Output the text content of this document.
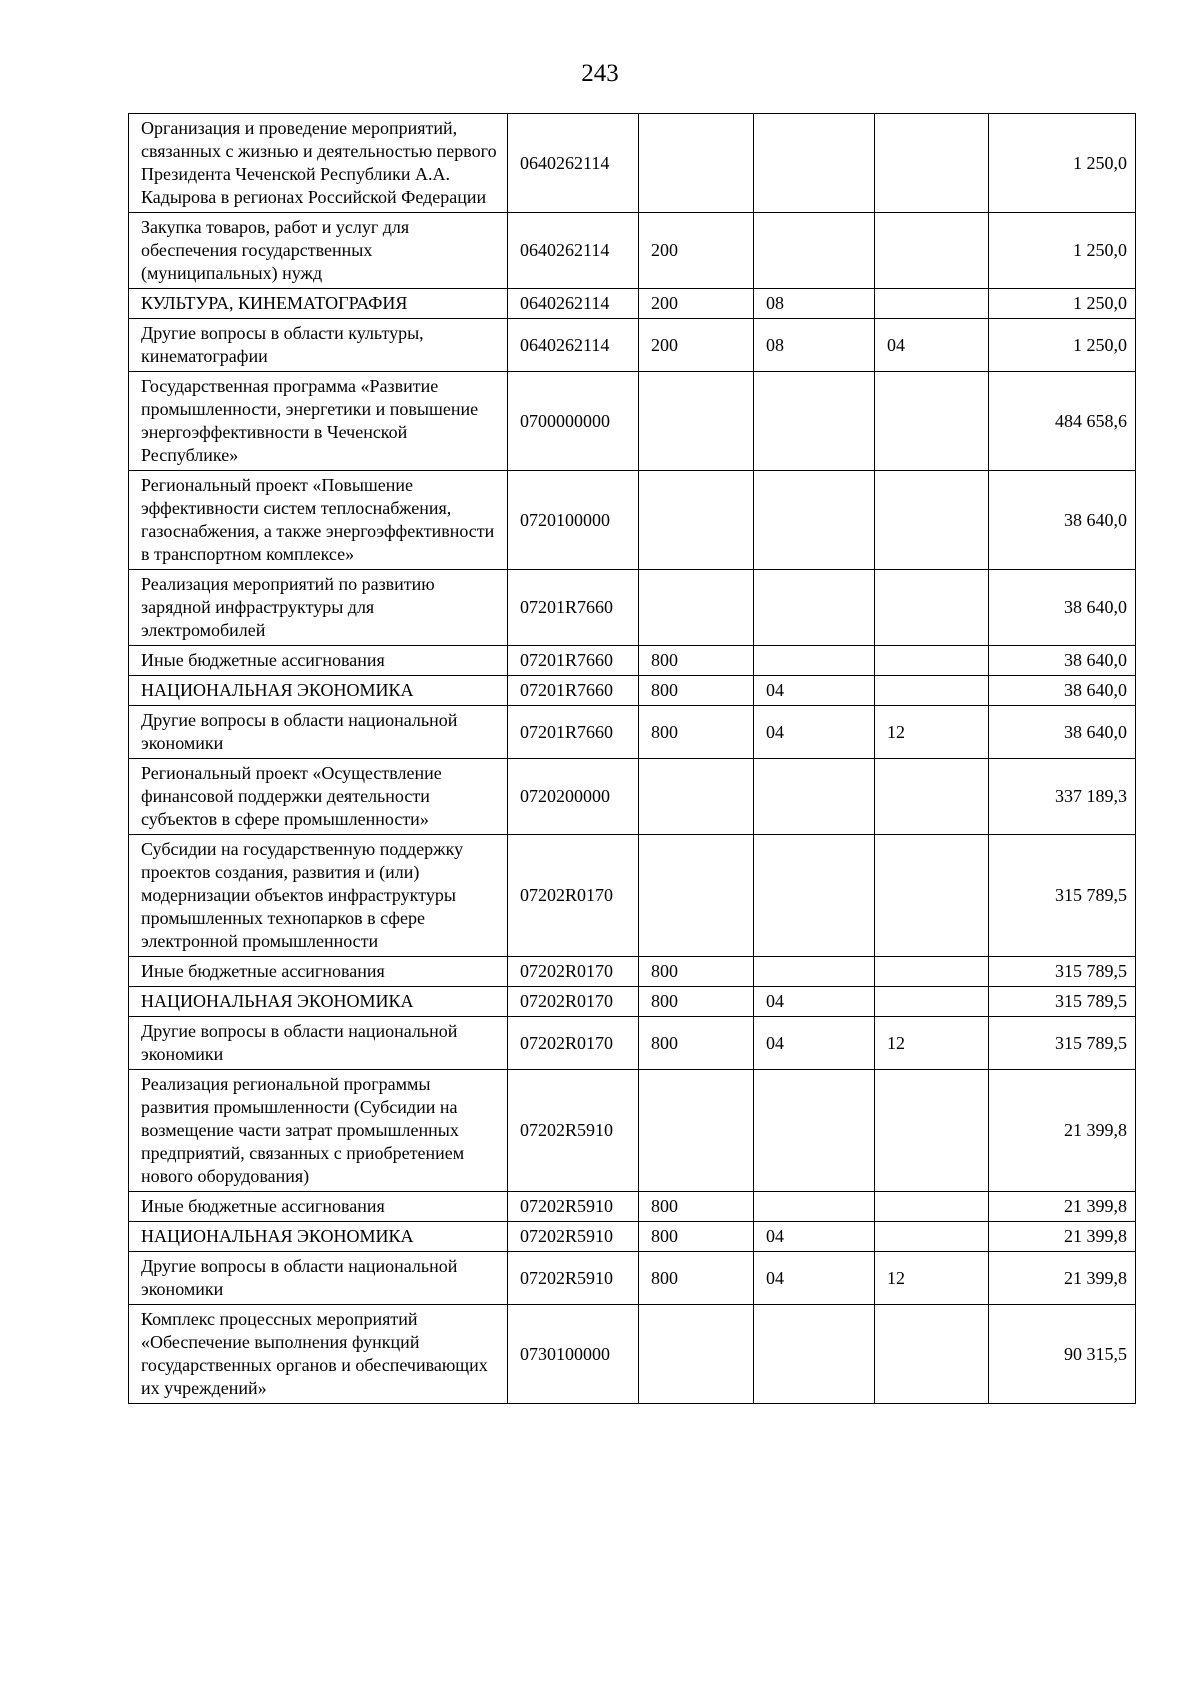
243
Организация и проведение мероприятий, связанных с жизнью и деятельностью первого Президента Чеченской Республики А.А. Кадырова в регионах Российской Федерации	0640262114				1 250,0
Закупка товаров, работ и услуг для обеспечения государственных (муниципальных) нужд	0640262114	200			1 250,0
КУЛЬТУРА, КИНЕМАТОГРАФИЯ	0640262114	200	08		1 250,0
Другие вопросы в области культуры, кинематографии	0640262114	200	08	04	1 250,0
Государственная программа «Развитие промышленности, энергетики и повышение энергоэффективности в Чеченской Республике»	0700000000				484 658,6
Региональный проект «Повышение эффективности систем теплоснабжения, газоснабжения, а также энергоэффективности в транспортном комплексе»	0720100000				38 640,0
Реализация мероприятий по развитию зарядной инфраструктуры для электромобилей	07201R7660				38 640,0
Иные бюджетные ассигнования	07201R7660	800			38 640,0
НАЦИОНАЛЬНАЯ ЭКОНОМИКА	07201R7660	800	04		38 640,0
Другие вопросы в области национальной экономики	07201R7660	800	04	12	38 640,0
Региональный проект «Осуществление финансовой поддержки деятельности субъектов в сфере промышленности»	0720200000				337 189,3
Субсидии на государственную поддержку проектов создания, развития и (или) модернизации объектов инфраструктуры промышленных технопарков в сфере электронной промышленности	07202R0170				315 789,5
Иные бюджетные ассигнования	07202R0170	800			315 789,5
НАЦИОНАЛЬНАЯ ЭКОНОМИКА	07202R0170	800	04		315 789,5
Другие вопросы в области национальной экономики	07202R0170	800	04	12	315 789,5
Реализация региональной программы развития промышленности (Субсидии на возмещение части затрат промышленных предприятий, связанных с приобретением нового оборудования)	07202R5910				21 399,8
Иные бюджетные ассигнования	07202R5910	800			21 399,8
НАЦИОНАЛЬНАЯ ЭКОНОМИКА	07202R5910	800	04		21 399,8
Другие вопросы в области национальной экономики	07202R5910	800	04	12	21 399,8
Комплекс процессных мероприятий «Обеспечение выполнения функций государственных органов и обеспечивающих их учреждений»	0730100000				90 315,5
